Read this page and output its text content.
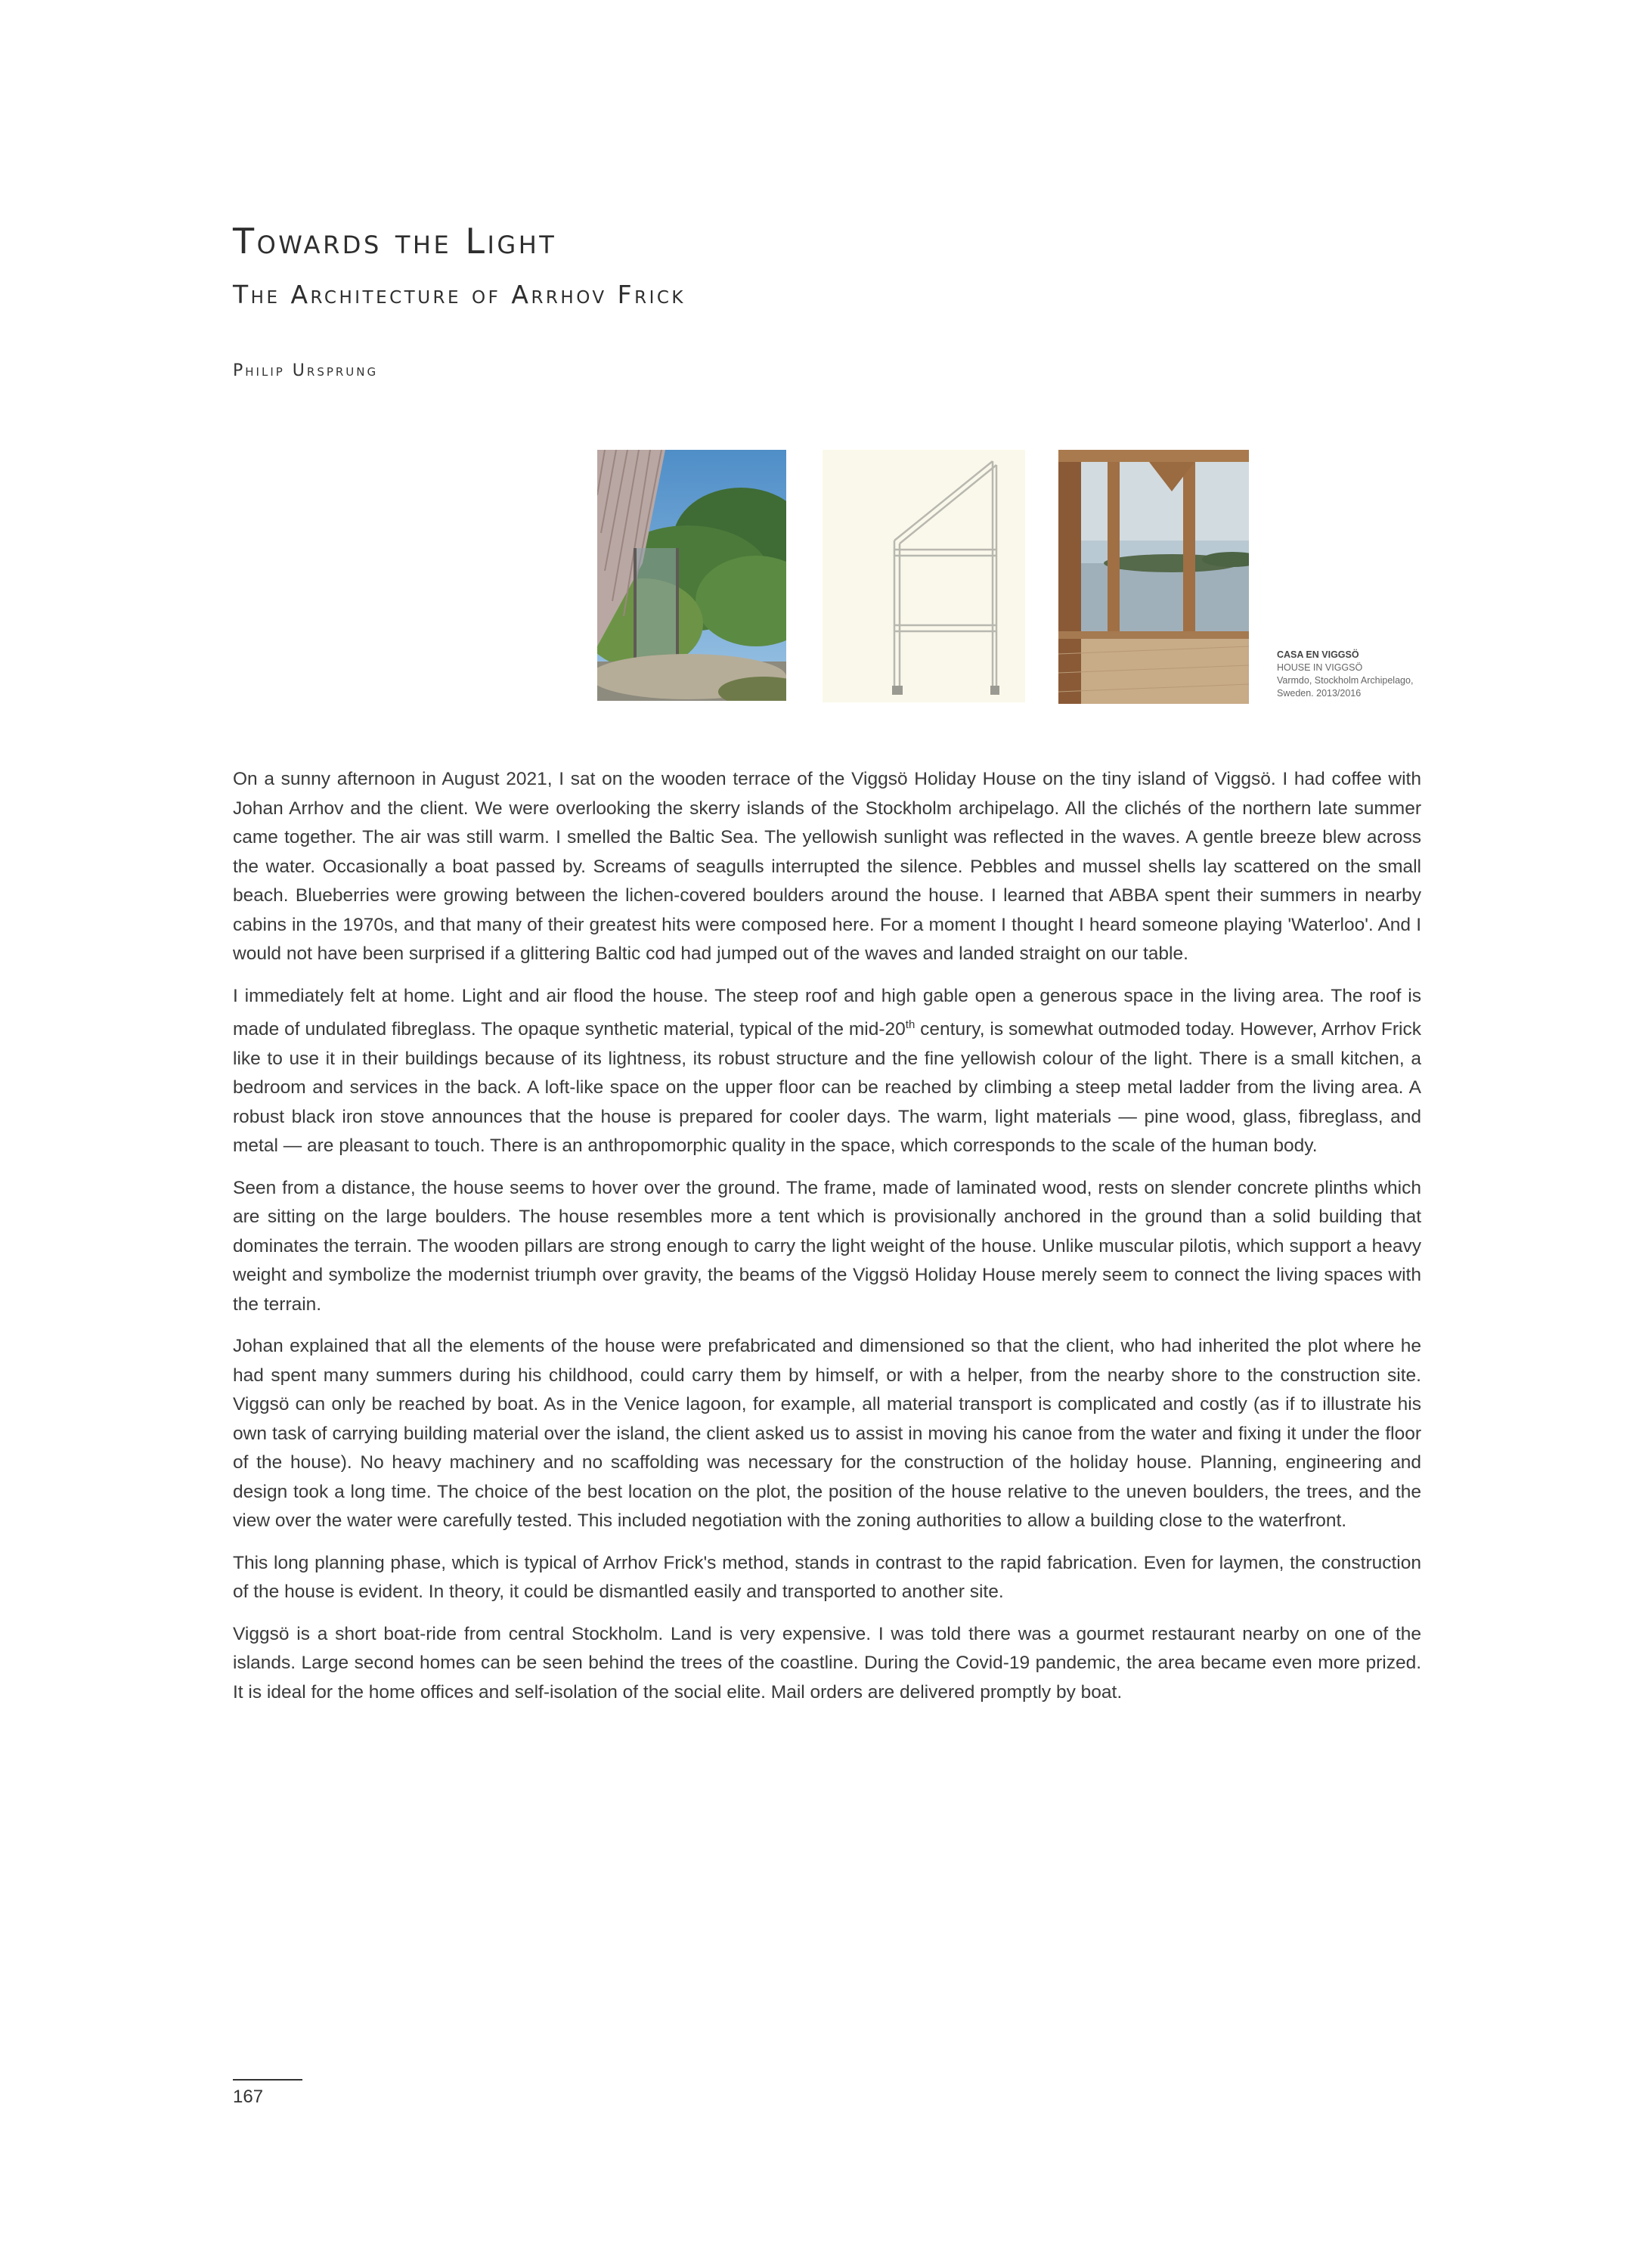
Towards the Light
The Architecture of Arrhov Frick
Philip Ursprung
CASA EN VIGGSÖ
HOUSE IN VIGGSÖ
Varmdo, Stockholm Archipelago,
Sweden. 2013/2016

On a sunny afternoon in August 2021, I sat on the wooden terrace of the Viggsö Holiday House on the tiny island of Viggsö. I had coffee with Johan Arrhov and the client. We were overlooking the skerry islands of the Stockholm archipelago. All the clichés of the northern late summer came together. The air was still warm. I smelled the Baltic Sea. The yellowish sunlight was reflected in the waves. A gentle breeze blew across the water. Occasionally a boat passed by. Screams of seagulls interrupted the silence. Pebbles and mussel shells lay scattered on the small beach. Blueberries were growing between the lichen-covered boulders around the house. I learned that ABBA spent their summers in nearby cabins in the 1970s, and that many of their greatest hits were composed here. For a moment I thought I heard someone playing 'Waterloo'. And I would not have been surprised if a glittering Baltic cod had jumped out of the waves and landed straight on our table.

I immediately felt at home. Light and air flood the house. The steep roof and high gable open a generous space in the living area. The roof is made of undulated fibreglass. The opaque synthetic material, typical of the mid-20th century, is somewhat outmoded today. However, Arrhov Frick like to use it in their buildings because of its lightness, its robust structure and the fine yellowish colour of the light. There is a small kitchen, a bedroom and services in the back. A loft-like space on the upper floor can be reached by climbing a steep metal ladder from the living area. A robust black iron stove announces that the house is prepared for cooler days. The warm, light materials — pine wood, glass, fibreglass, and metal — are pleasant to touch. There is an anthropomorphic quality in the space, which corresponds to the scale of the human body.

Seen from a distance, the house seems to hover over the ground. The frame, made of laminated wood, rests on slender concrete plinths which are sitting on the large boulders. The house resembles more a tent which is provisionally anchored in the ground than a solid building that dominates the terrain. The wooden pillars are strong enough to carry the light weight of the house. Unlike muscular pilotis, which support a heavy weight and symbolize the modernist triumph over gravity, the beams of the Viggsö Holiday House merely seem to connect the living spaces with the terrain.

Johan explained that all the elements of the house were prefabricated and dimensioned so that the client, who had inherited the plot where he had spent many summers during his childhood, could carry them by himself, or with a helper, from the nearby shore to the construction site. Viggsö can only be reached by boat. As in the Venice lagoon, for example, all material transport is complicated and costly (as if to illustrate his own task of carrying building material over the island, the client asked us to assist in moving his canoe from the water and fixing it under the floor of the house). No heavy machinery and no scaffolding was necessary for the construction of the holiday house. Planning, engineering and design took a long time. The choice of the best location on the plot, the position of the house relative to the uneven boulders, the trees, and the view over the water were carefully tested. This included negotiation with the zoning authorities to allow a building close to the waterfront.

This long planning phase, which is typical of Arrhov Frick's method, stands in contrast to the rapid fabrication. Even for laymen, the construction of the house is evident. In theory, it could be dismantled easily and transported to another site.

Viggsö is a short boat-ride from central Stockholm. Land is very expensive. I was told there was a gourmet restaurant nearby on one of the islands. Large second homes can be seen behind the trees of the coastline. During the Covid-19 pandemic, the area became even more prized. It is ideal for the home offices and self-isolation of the social elite. Mail orders are delivered promptly by boat.

167
